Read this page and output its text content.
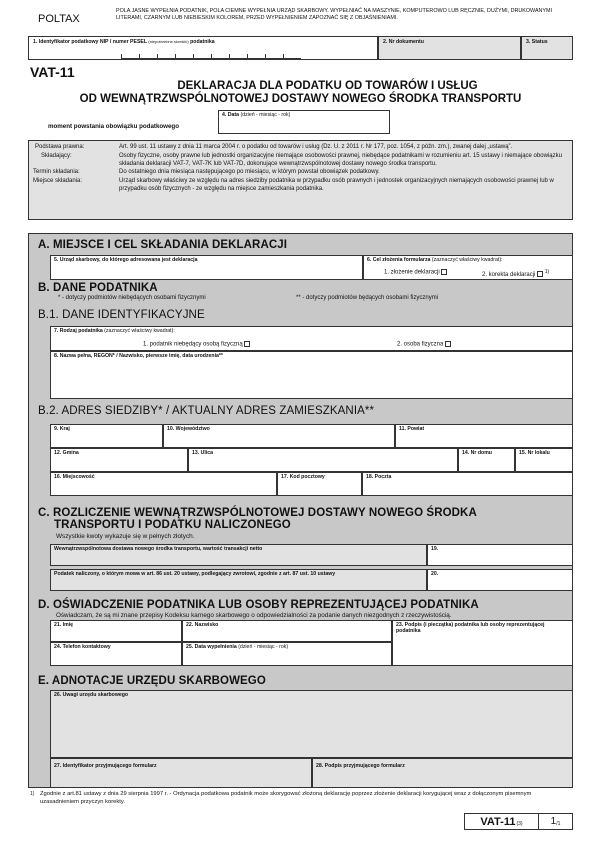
POLTAX
POLA JASNE WYPEŁNIA PODATNIK, POLA CIEMNE WYPEŁNIA URZĄD SKARBOWY. WYPEŁNIAĆ NA MASZYNIE, KOMPUTEROWO LUB RĘCZNIE, DUŻYMI, DRUKOWANYMI LITERAMI, CZARNYM LUB NIEBIESKIM KOLOREM, PRZED WYPEŁNIENIEM ZAPOZNAĆ SIĘ Z OBJAŚNIENIAMI.
1. Identyfikator podatkowy NIP / numer PESEL $^{(niepotrzebne skreślić)}$ podatnika	2. Nr dokumentu	3. Status
VAT-11
DEKLARACJA DLA PODATKU OD TOWARÓW I USŁUG
OD WEWNĄTRZWSPÓLNOTOWEJ DOSTAWY NOWEGO ŚRODKA TRANSPORTU
4. Data (dzień - miesiąc - rok)
moment powstania obowiązku podatkowego
Podstawa prawna:	Art. 99 ust. 11 ustawy z dnia 11 marca 2004 r. o podatku od towarów i usług (Dz. U. z 2011 r. Nr 177, poz. 1054, z późn. zm.), zwanej dalej „ustawą”.
Składający:	Osoby fizyczne, osoby prawne lub jednostki organizacyjne niemające osobowości prawnej, niebędące podatnikami w rozumieniu art. 15 ustawy i niemające obowiązku składania deklaracji VAT-7, VAT-7K lub VAT-7D, dokonujące wewnątrzwspólnotowej dostawy nowego środka transportu.
Termin składania:	Do ostatniego dnia miesiąca następującego po miesiącu, w którym powstał obowiązek podatkowy.
Miejsce składania:	Urząd skarbowy właściwy ze względu na adres siedziby podatnika w przypadku osób prawnych i jednostek organizacyjnych niemających osobowości prawnej lub w przypadku osób fizycznych - ze względu na miejsce zamieszkania podatnika.
A. MIEJSCE I CEL SKŁADANIA DEKLARACJI
5. Urząd skarbowy, do którego adresowana jest deklaracja	6. Cel złożenia formularza (zaznaczyć właściwy kwadrat):
1. złożenie deklaracji	2. korekta deklaracji $^{1)}$
B. DANE PODATNIKA
* - dotyczy podmiotów niebędących osobami fizycznymi	** - dotyczy podmiotów będących osobami fizycznymi
B.1. DANE IDENTYFIKACYJNE
7. Rodzaj podatnika (zaznaczyć właściwy kwadrat):
1. podatnik niebędący osobą fizyczną	2. osoba fizyczna
8. Nazwa pełna, REGON* / Nazwisko, pierwsze imię, data urodzenia**
B.2. ADRES SIEDZIBY* / AKTUALNY ADRES ZAMIESZKANIA**
9. Kraj	10. Województwo	11. Powiat
12. Gmina	13. Ulica	14. Nr domu	15. Nr lokalu
16. Miejscowość	17. Kod pocztowy	18. Poczta
C. ROZLICZENIE WEWNĄTRZWSPÓLNOTOWEJ DOSTAWY NOWEGO ŚRODKA
TRANSPORTU I PODATKU NALICZONEGO
Wszystkie kwoty wykazuje się w pełnych złotych.
Wewnątrzwspólnotowa dostawa nowego środka transportu, wartość transakcji netto	19.
Podatek naliczony, o którym mowa w art. 86 ust. 20 ustawy, podlegający zwrotowi, zgodnie z art. 87 ust. 10 ustawy	20.
D. OŚWIADCZENIE PODATNIKA LUB OSOBY REPREZENTUJĄCEJ PODATNIKA
Oświadczam, że są mi znane przepisy Kodeksu karnego skarbowego o odpowiedzialności za podanie danych niezgodnych z rzeczywistością.
21. Imię	22. Nazwisko	23. Podpis (i pieczątka) podatnika lub osoby reprezentującej podatnika
24. Telefon kontaktowy	25. Data wypełnienia (dzień - miesiąc - rok)
E. ADNOTACJE URZĘDU SKARBOWEGO
26. Uwagi urzędu skarbowego
27. Identyfikator przyjmującego formularz	28. Podpis przyjmującego formularz
1) Zgodnie z art.81 ustawy z dnia 29 sierpnia 1997 r. - Ordynacja podatkowa podatnik może skorygować złożoną deklarację poprzez złożenie deklaracji korygującej wraz z dołączonym pisemnym uzasadnieniem przyczyn korekty.
VAT-11 (3)	1 /1
